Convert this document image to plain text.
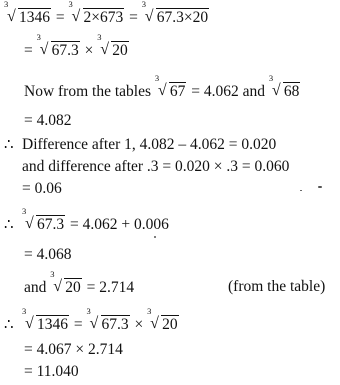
3
√ 1346 =
3
√ 2×673 =
3
√ 67.3×20
=
3
√ 67.3 ×
3
√ 20
Now from the tables
3
√ 67 = 4.062 and
3
√ 68
= 4.082
∴ Difference after 1, 4.082 – 4.062 = 0.020
and difference after .3 = 0.020 × .3 = 0.060
= 0.06
∴
3
√ 67.3 = 4.062 + 0.006
= 4.068
and
3
√ 20 = 2.714	(from the table)
∴
3
√ 1346 =
3
√ 67.3 ×
3
√ 20
= 4.067 × 2.714
= 11.040
